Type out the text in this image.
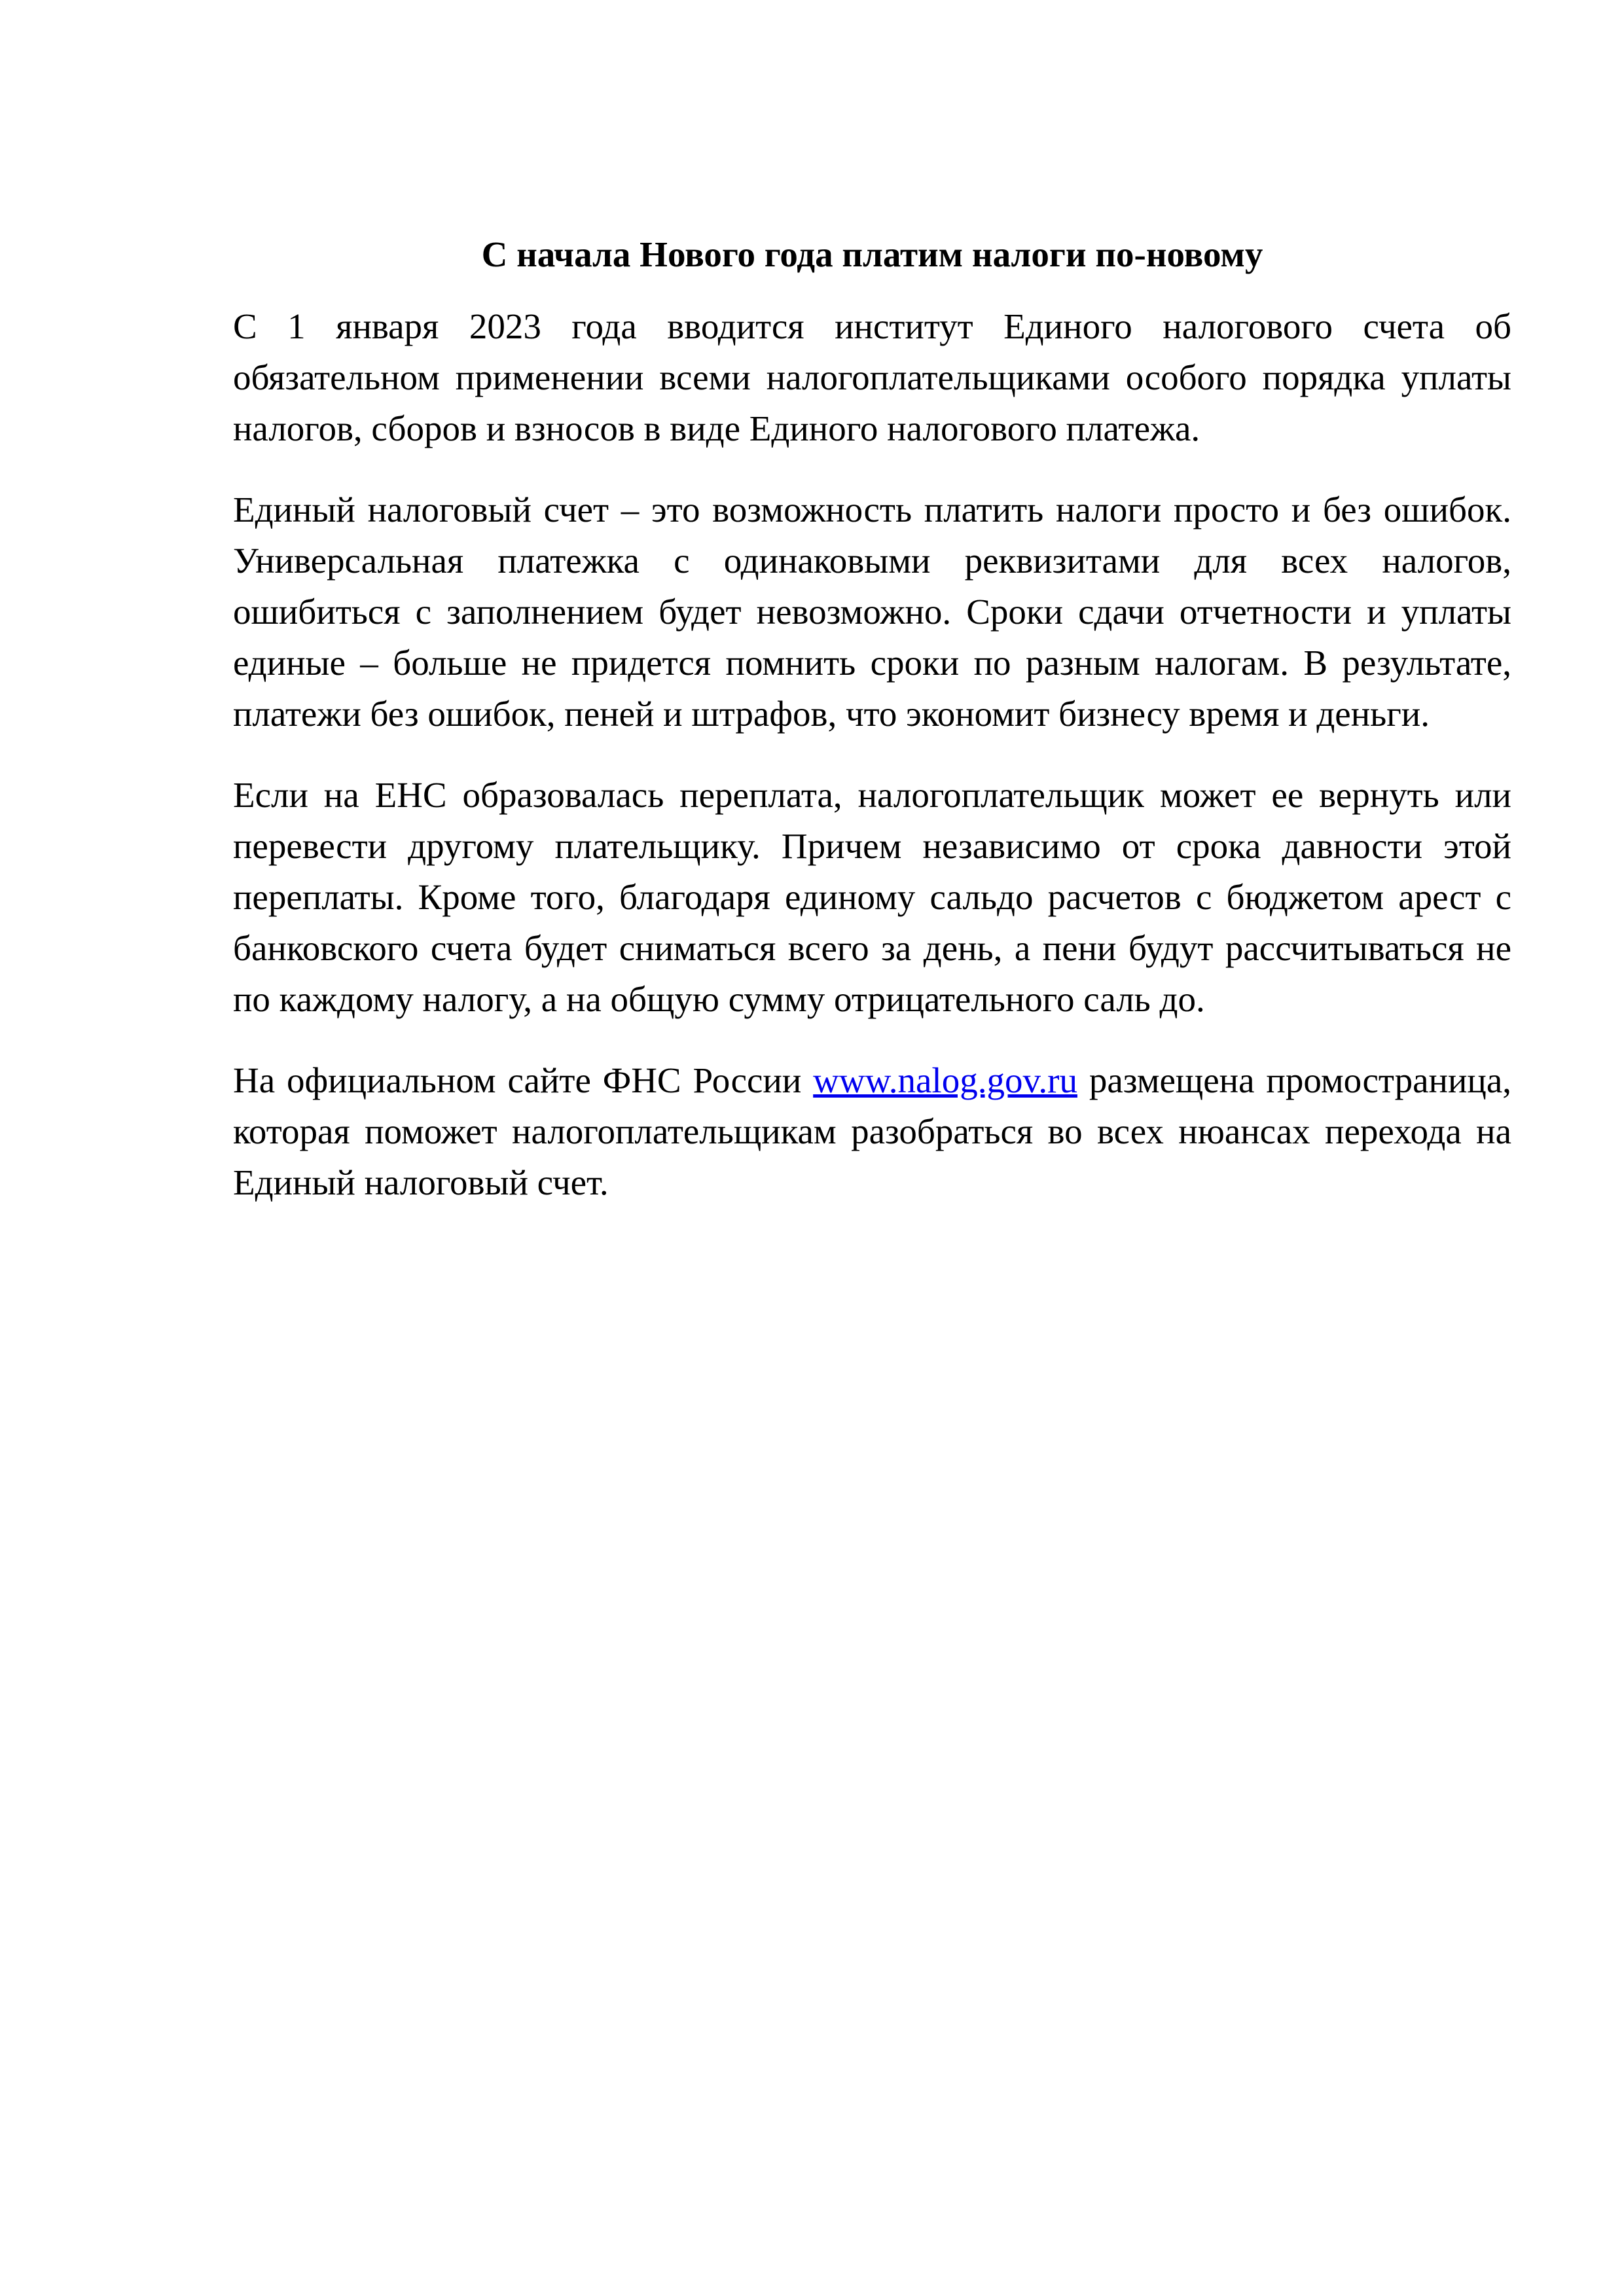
С начала Нового года платим налоги по-новому

С 1 января 2023 года вводится институт Единого налогового счета об обязательном применении всеми налогоплательщиками особого порядка уплаты налогов, сборов и взносов в виде Единого налогового платежа.

Единый налоговый счет – это возможность платить налоги просто и без ошибок. Универсальная платежка с одинаковыми реквизитами для всех налогов, ошибиться с заполнением будет невозможно. Сроки сдачи отчетности и уплаты единые – больше не придется помнить сроки по разным налогам. В результате, платежи без ошибок, пеней и штрафов, что экономит бизнесу время и деньги.

Если на ЕНС образовалась переплата, налогоплательщик может ее вернуть или перевести другому плательщику. Причем независимо от срока давности этой переплаты. Кроме того, благодаря единому сальдо расчетов с бюджетом арест с банковского счета будет сниматься всего за день, а пени будут рассчитываться не по каждому налогу, а на общую сумму отрицательного саль до.

На официальном сайте ФНС России www.nalog.gov.ru размещена промостраница, которая поможет налогоплательщикам разобраться во всех нюансах перехода на Единый налоговый счет.
